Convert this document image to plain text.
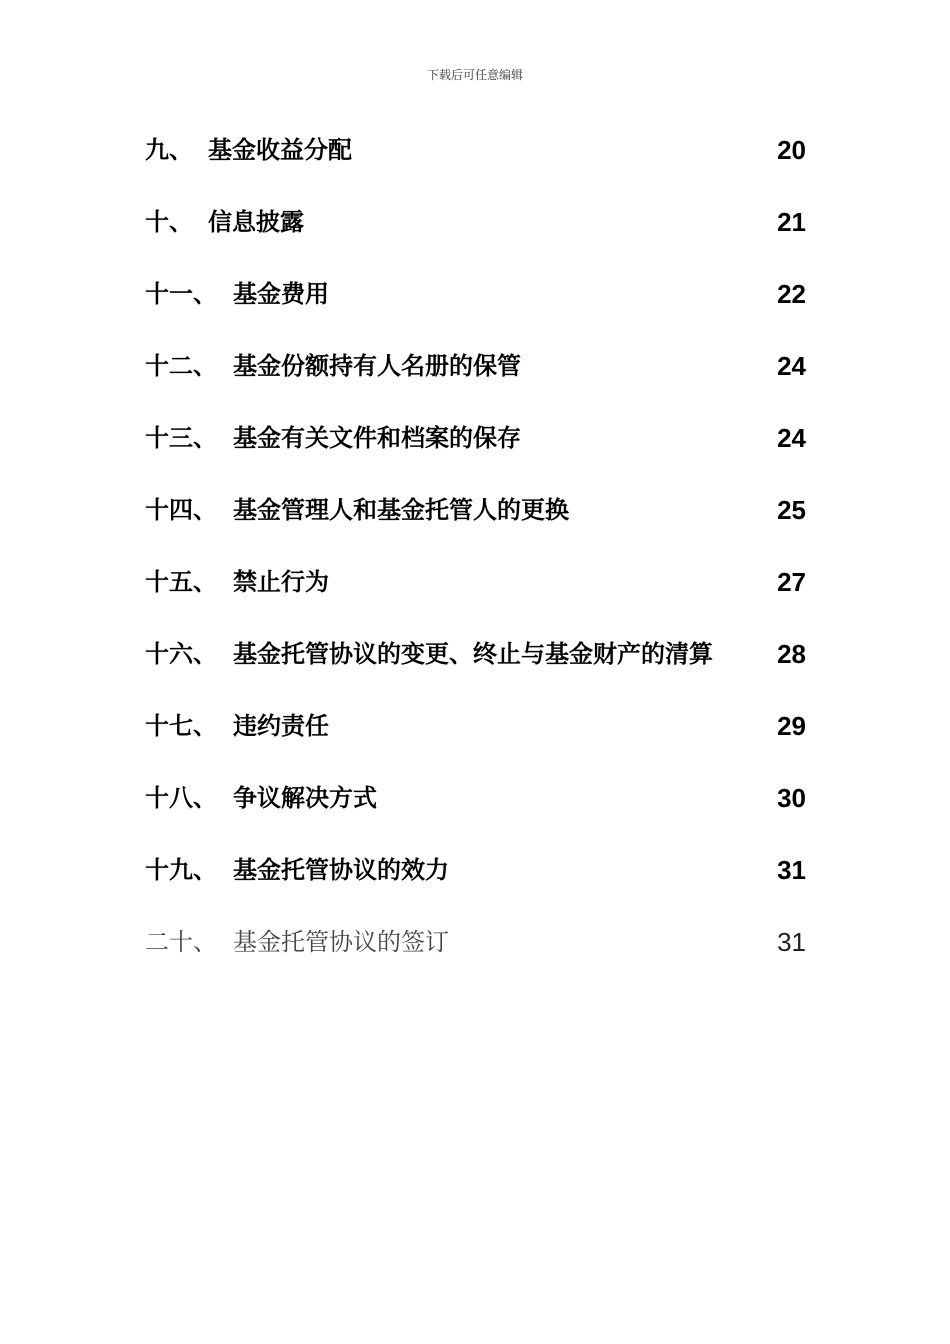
下载后可任意编辑
九、 基金收益分配	20
十、 信息披露	21
十一、 基金费用	22
十二、 基金份额持有人名册的保管	24
十三、 基金有关文件和档案的保存	24
十四、 基金管理人和基金托管人的更换	25
十五、 禁止行为	27
十六、 基金托管协议的变更、终止与基金财产的清算 28
十七、 违约责任	29
十八、 争议解决方式	30
十九、 基金托管协议的效力	31
二十、 基金托管协议的签订	31
